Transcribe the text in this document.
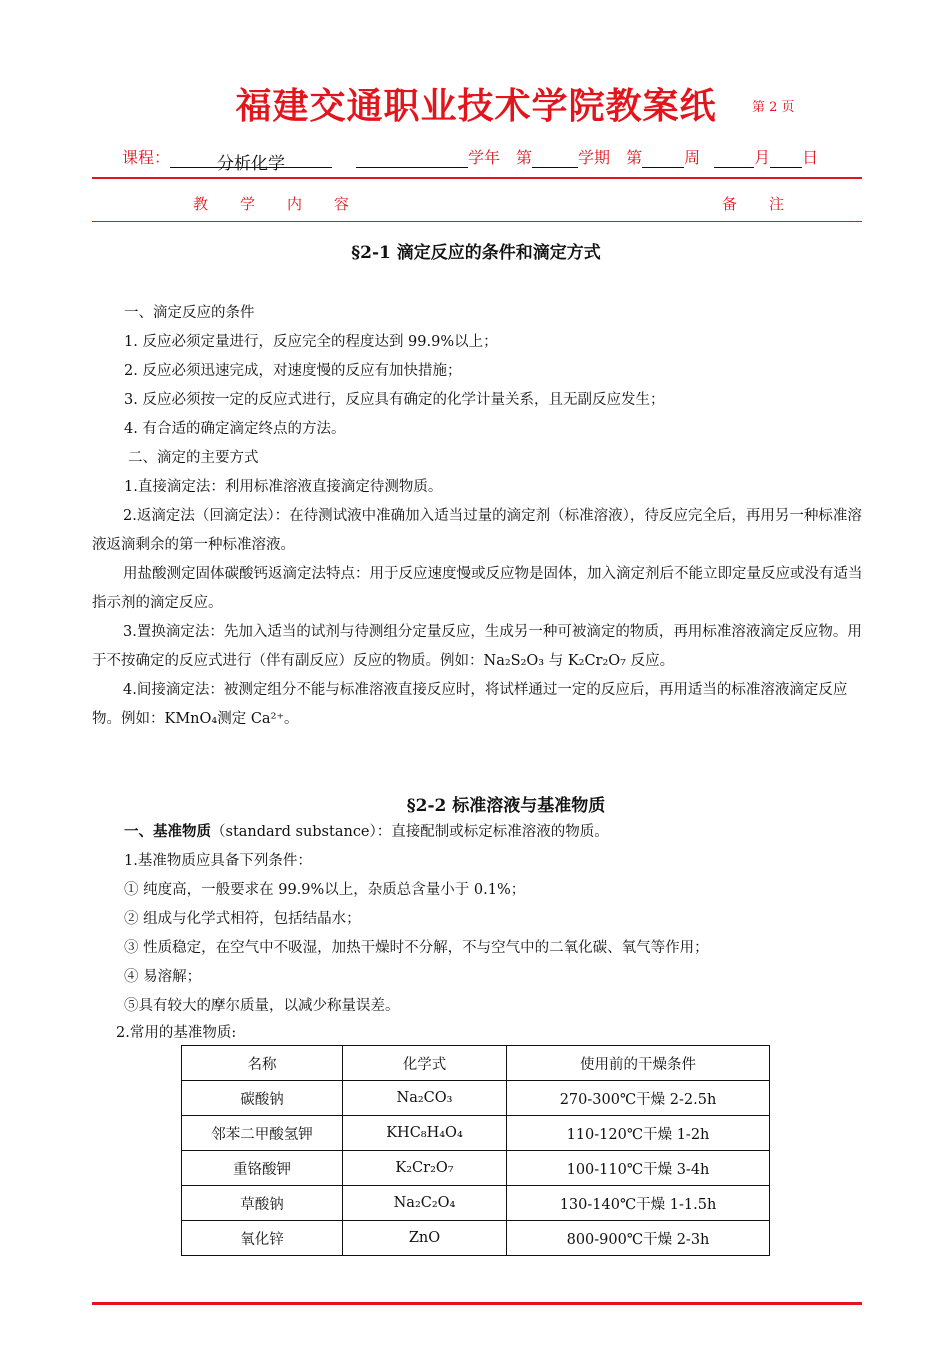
福建交通职业技术学院教案纸	第 2 页
课程：	分析化学	学年 第	学期 第	周	月 日
教学内容	备注
§2-1 滴定反应的条件和滴定方式
一、滴定反应的条件
1. 反应必须定量进行，反应完全的程度达到 99.9%以上；
2. 反应必须迅速完成，对速度慢的反应有加快措施；
3. 反应必须按一定的反应式进行，反应具有确定的化学计量关系，且无副反应发生；
4. 有合适的确定滴定终点的方法。
二、滴定的主要方式
1.直接滴定法：利用标准溶液直接滴定待测物质。
2.返滴定法（回滴定法）：在待测试液中准确加入适当过量的滴定剂（标准溶液），待反应完全后，再用另一种标准溶液返滴剩余的第一种标准溶液。
用盐酸测定固体碳酸钙返滴定法特点：用于反应速度慢或反应物是固体，加入滴定剂后不能立即定量反应或没有适当指示剂的滴定反应。
3.置换滴定法：先加入适当的试剂与待测组分定量反应，生成另一种可被滴定的物质，再用标准溶液滴定反应物。用于不按确定的反应式进行（伴有副反应）反应的物质。例如：Na₂S₂O₃ 与 K₂Cr₂O₇ 反应。
4.间接滴定法：被测定组分不能与标准溶液直接反应时，将试样通过一定的反应后，再用适当的标准溶液滴定反应物。例如：KMnO₄测定 Ca²⁺。
§2-2 标准溶液与基准物质
一、基准物质（standard substance）：直接配制或标定标准溶液的物质。
1.基准物质应具备下列条件：
① 纯度高，一般要求在 99.9%以上，杂质总含量小于 0.1%；
② 组成与化学式相符，包括结晶水；
③ 性质稳定，在空气中不吸湿，加热干燥时不分解，不与空气中的二氧化碳、氧气等作用；
④ 易溶解；
⑤具有较大的摩尔质量，以减少称量误差。
2.常用的基准物质:
名称	化学式	使用前的干燥条件
碳酸钠	Na₂CO₃	270-300℃干燥 2-2.5h
邻苯二甲酸氢钾	KHC₈H₄O₄	110-120℃干燥 1-2h
重铬酸钾	K₂Cr₂O₇	100-110℃干燥 3-4h
草酸钠	Na₂C₂O₄	130-140℃干燥 1-1.5h
氧化锌	ZnO	800-900℃干燥 2-3h
